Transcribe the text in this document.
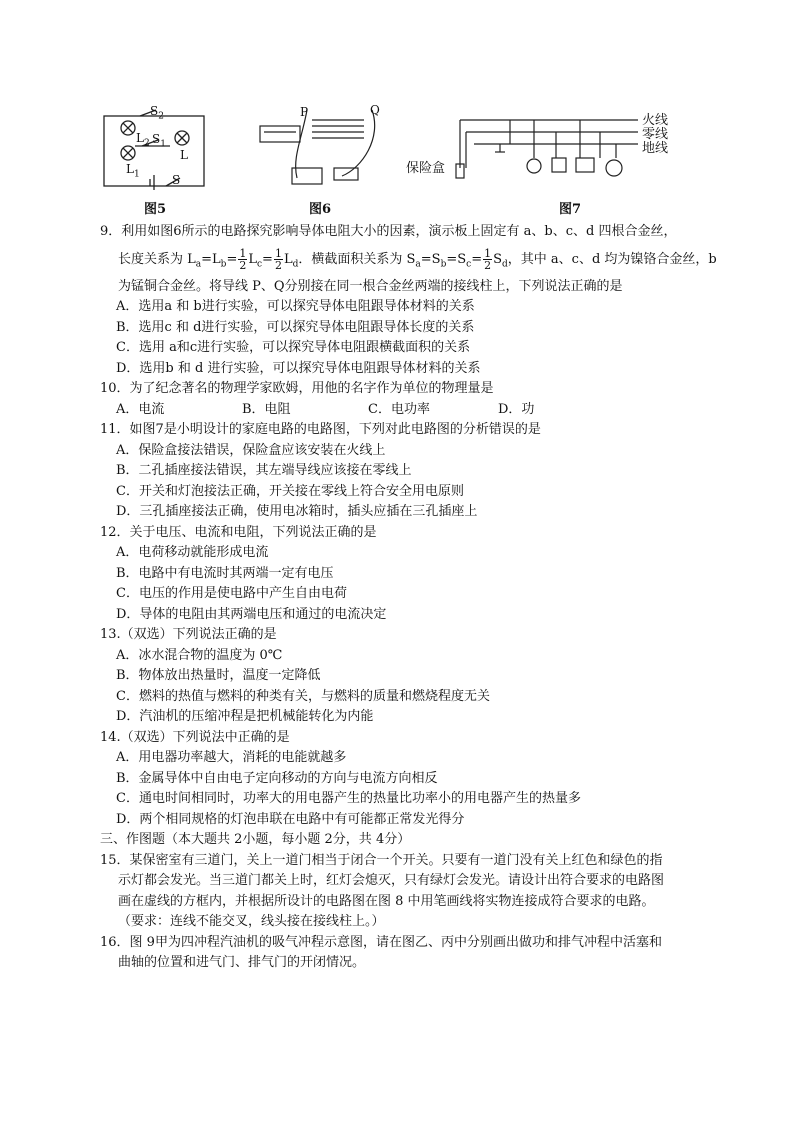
$S_2$
$L_2$ $S_1$
L
$L_1$	S
图5
P	Q
图6
火线
零线
地线
保险盒
图7
9．利用如图6所示的电路探究影响导体电阻大小的因素，演示板上固定有 a、b、c、d 四根合金丝，
长度关系为 $L_a=L_b= \frac{1}{2} L_c= \frac{1}{2} L_d$．横截面积关系为 $S_a=S_b=S_c= \frac{1}{2} S_d$，其中 a、c、d 均为镍铬合金丝，b
为锰铜合金丝。将导线 P、Q分别接在同一根合金丝两端的接线柱上，下列说法正确的是
A．选用a 和 b进行实验，可以探究导体电阻跟导体材料的关系
B．选用c 和 d进行实验，可以探究导体电阻跟导体长度的关系
C．选用 a和c进行实验，可以探究导体电阻跟横截面积的关系
D．选用b 和 d 进行实验，可以探究导体电阻跟导体材料的关系
10．为了纪念著名的物理学家欧姆，用他的名字作为单位的物理量是
A．电流	B．电阻	C．电功率	D．功
11．如图7是小明设计的家庭电路的电路图，下列对此电路图的分析错误的是
A．保险盒接法错误，保险盒应该安装在火线上
B．二孔插座接法错误，其左端导线应该接在零线上
C．开关和灯泡接法正确，开关接在零线上符合安全用电原则
D．三孔插座接法正确，使用电冰箱时，插头应插在三孔插座上
12．关于电压、电流和电阻，下列说法正确的是
A．电荷移动就能形成电流
B．电路中有电流时其两端一定有电压
C．电压的作用是使电路中产生自由电荷
D．导体的电阻由其两端电压和通过的电流决定
13.（双选）下列说法正确的是
A．冰水混合物的温度为 0℃
B．物体放出热量时，温度一定降低
C．燃料的热值与燃料的种类有关，与燃料的质量和燃烧程度无关
D．汽油机的压缩冲程是把机械能转化为内能
14.（双选）下列说法中正确的是
A．用电器功率越大，消耗的电能就越多
B．金属导体中自由电子定向移动的方向与电流方向相反
C．通电时间相同时，功率大的用电器产生的热量比功率小的用电器产生的热量多
D．两个相同规格的灯泡串联在电路中有可能都正常发光得分
三、作图题（本大题共 2小题，每小题 2分，共 4分）
15．某保密室有三道门，关上一道门相当于闭合一个开关。只要有一道门没有关上红色和绿色的指
示灯都会发光。当三道门都关上时，红灯会熄灭，只有绿灯会发光。请设计出符合要求的电路图
画在虚线的方框内，并根据所设计的电路图在图 8 中用笔画线将实物连接成符合要求的电路。
（要求：连线不能交叉，线头接在接线柱上。）
16．图 9甲为四冲程汽油机的吸气冲程示意图，请在图乙、丙中分别画出做功和排气冲程中活塞和
曲轴的位置和进气门、排气门的开闭情况。
